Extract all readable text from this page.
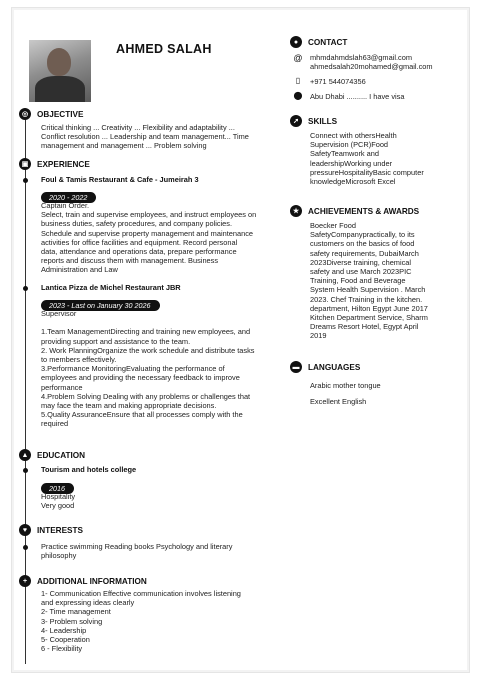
AHMED SALAH
◎	OBJECTIVE
Critical thinking ... Creativity ... Flexibility and adaptability ...
Conflict resolution ... Leadership and team management... Time
management and management ... Problem solving
▣	EXPERIENCE
Foul & Tamis Restaurant & Cafe - Jumeirah 3
2020 - 2022
Captain Order.
Select, train and supervise employees, and instruct employees on
business duties, safety procedures, and company policies.
Schedule and supervise property management and maintenance
activities for office facilities and equipment. Record personal
data, attendance and operations data, prepare performance
reports and discuss them with management. Business
Administration and Law
Lantica Pizza de Michel Restaurant JBR
2023 - Last on January 30 2026
Supervisor
1.Team ManagementDirecting and training new employees, and
providing support and assistance to the team.
2. Work PlanningOrganize the work schedule and distribute tasks
to members effectively.
3.Performance MonitoringEvaluating the performance of
employees and providing the necessary feedback to improve
performance
4.Problem Solving Dealing with any problems or challenges that
may face the team and making appropriate decisions.
5.Quality AssuranceEnsure that all processes comply with the
required
▲	EDUCATION
Tourism and hotels college
2016
Hospitality
Very good
♥	INTERESTS
Practice swimming Reading books Psychology and literary
philosophy
+	ADDITIONAL INFORMATION
1- Communication Effective communication involves listening
and expressing ideas clearly
2- Time management
3- Problem solving
4- Leadership
5- Cooperation
6 - Flexibility
●	CONTACT
@ mhmdahmdslah63@gmail.com
ahmedsalah20mohamed@gmail.com
▯	+971 544074356
⬤ Abu Dhabi .......... I have visa
➚	SKILLS
Connect with othersHealth
Supervision (PCR)Food
SafetyTeamwork and
leadershipWorking under
pressureHospitalityBasic computer
knowledgeMicrosoft Excel
★	ACHIEVEMENTS & AWARDS
Boecker Food
SafetyCompanypractically, to its
customers on the basics of food
safety requirements, DubaiMarch
2023Diverse training, chemical
safety and use March 2023PIC
Training, Food and Beverage
System Health Supervision . March
2023. Chef Training in the kitchen.
department, Hilton Egypt June 2017
Kitchen Department Service, Sharm
Dreams Resort Hotel, Egypt April
2019
▬	LANGUAGES
Arabic mother tongue
Excellent English
